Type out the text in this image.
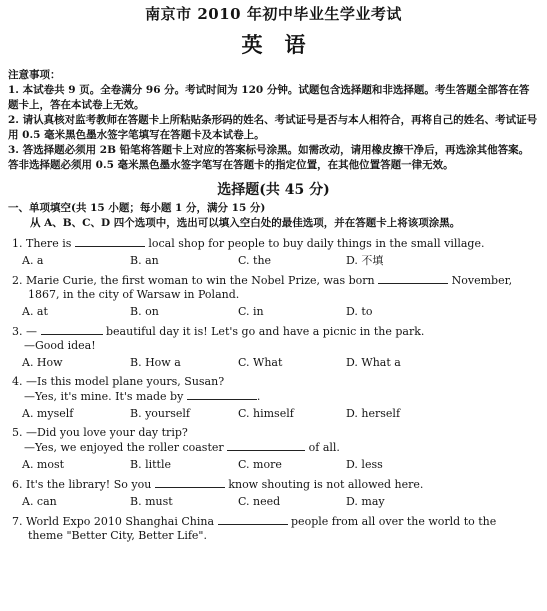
南京市 2010 年初中毕业生学业考试
英语
注意事项：
1. 本试卷共 9 页。全卷满分 96 分。考试时间为 120 分钟。试题包含选择题和非选择题。考生答题全部答在答题卡上，答在本试卷上无效。
2. 请认真核对监考教师在答题卡上所粘贴条形码的姓名、考试证号是否与本人相符合，再将自己的姓名、考试证号用 0.5 毫米黑色墨水签字笔填写在答题卡及本试卷上。
3. 答选择题必须用 2B 铅笔将答题卡上对应的答案标号涂黑。如需改动，请用橡皮擦干净后，再选涂其他答案。答非选择题必须用 0.5 毫米黑色墨水签字笔写在答题卡的指定位置，在其他位置答题一律无效。
选择题(共 45 分)
一、单项填空(共 15 小题；每小题 1 分，满分 15 分)
从 A、B、C、D 四个选项中，选出可以填入空白处的最佳选项，并在答题卡上将该项涂黑。
1. There is	local shop for people to buy daily things in the small village.
A. a	B. an	C. the	D. 不填
2. Marie Curie, the first woman to win the Nobel Prize, was born	November,
1867, in the city of Warsaw in Poland.
A. at	B. on	C. in	D. to
3. —	beautiful day it is! Let's go and have a picnic in the park.
—Good idea!
A. How	B. How a	C. What	D. What a
4. —Is this model plane yours, Susan?
—Yes, it's mine. It's made by	.
A. myself	B. yourself	C. himself	D. herself
5. —Did you love your day trip?
—Yes, we enjoyed the roller coaster	of all.
A. most	B. little	C. more	D. less
6. It's the library! So you	know shouting is not allowed here.
A. can	B. must	C. need	D. may
7. World Expo 2010 Shanghai China	people from all over the world to the
theme "Better City, Better Life".
